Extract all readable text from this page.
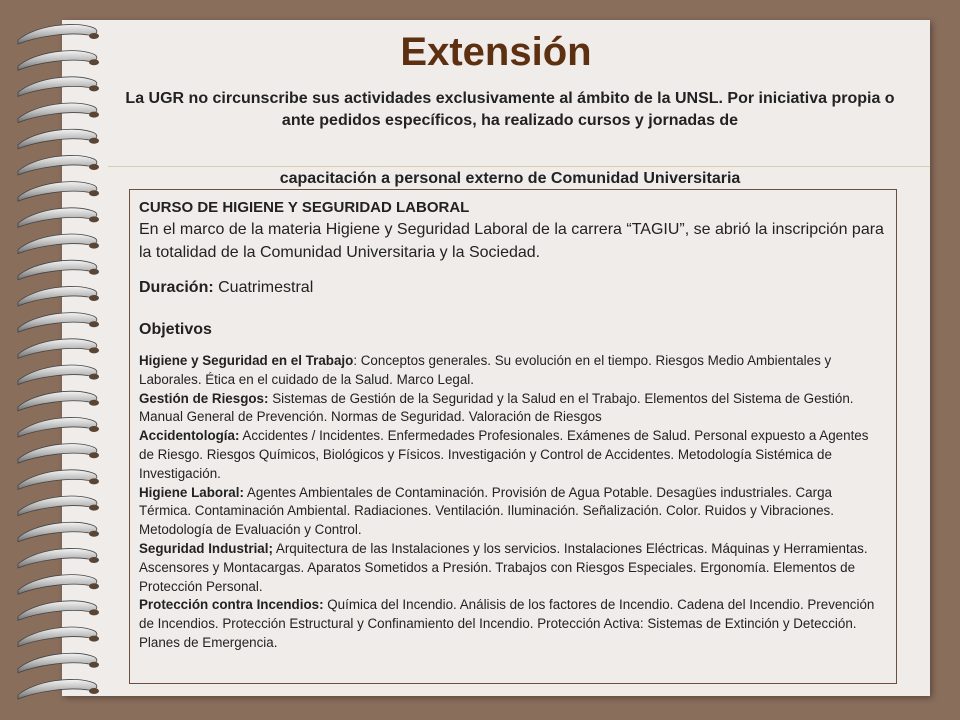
Extensión

La UGR no circunscribe sus actividades exclusivamente al ámbito de la UNSL. Por iniciativa propia o ante pedidos específicos, ha realizado cursos y jornadas de

capacitación a personal externo de Comunidad Universitaria

CURSO DE HIGIENE Y SEGURIDAD LABORAL

En el marco de la materia Higiene y Seguridad Laboral de la carrera “TAGIU”, se abrió la inscripción para la totalidad de la Comunidad Universitaria y la Sociedad.

Duración: Cuatrimestral

Objetivos

Higiene y Seguridad en el Trabajo: Conceptos generales. Su evolución en el tiempo. Riesgos Medio Ambientales y Laborales. Ética en el cuidado de la Salud. Marco Legal.

Gestión de Riesgos: Sistemas de Gestión de la Seguridad y la Salud en el Trabajo. Elementos del Sistema de Gestión. Manual General de Prevención. Normas de Seguridad. Valoración de Riesgos

Accidentología: Accidentes / Incidentes. Enfermedades Profesionales. Exámenes de Salud. Personal expuesto a Agentes de Riesgo. Riesgos Químicos, Biológicos y Físicos. Investigación y Control de Accidentes. Metodología Sistémica de Investigación.

Higiene Laboral: Agentes Ambientales de Contaminación. Provisión de Agua Potable. Desagües industriales. Carga Térmica. Contaminación Ambiental. Radiaciones. Ventilación. Iluminación. Señalización. Color. Ruidos y Vibraciones. Metodología de Evaluación y Control.

Seguridad Industrial; Arquitectura de las Instalaciones y los servicios. Instalaciones Eléctricas. Máquinas y Herramientas. Ascensores y Montacargas. Aparatos Sometidos a Presión. Trabajos con Riesgos Especiales. Ergonomía. Elementos de Protección Personal.

Protección contra Incendios: Química del Incendio. Análisis de los factores de Incendio. Cadena del Incendio. Prevención de Incendios. Protección Estructural y Confinamiento del Incendio. Protección Activa: Sistemas de Extinción y Detección. Planes de Emergencia.
